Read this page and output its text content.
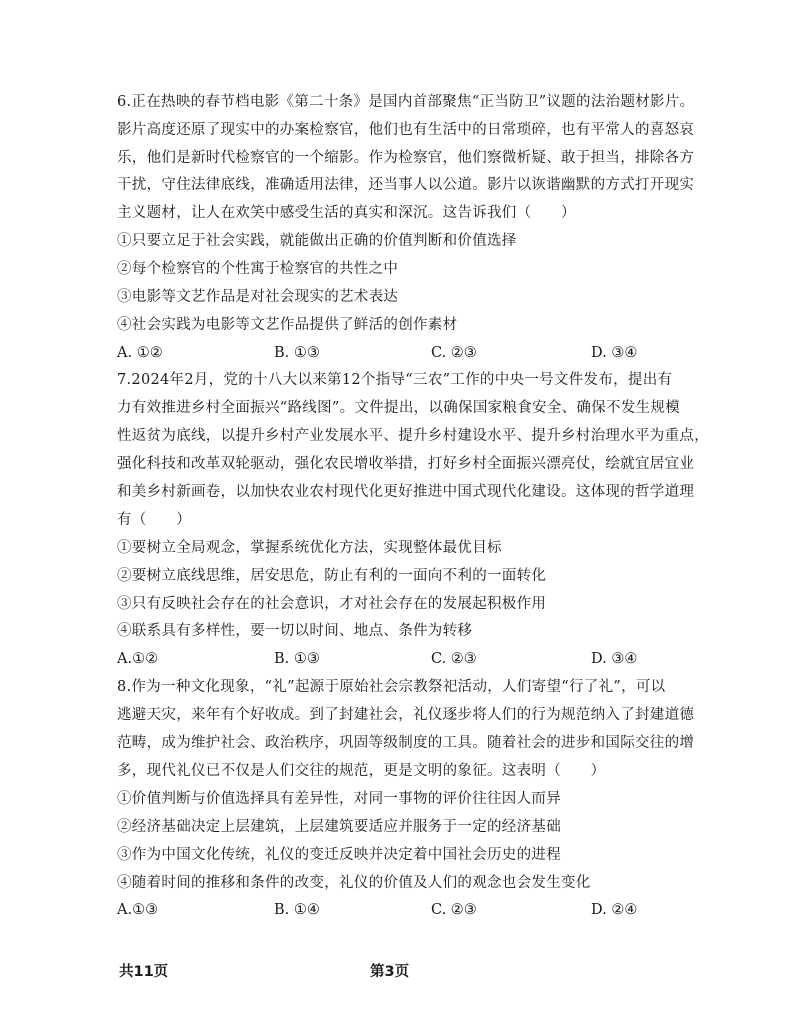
6.正在热映的春节档电影《第二十条》是国内首部聚焦“正当防卫”议题的法治题材影片。
影片高度还原了现实中的办案检察官，他们也有生活中的日常琐碎，也有平常人的喜怒哀
乐，他们是新时代检察官的一个缩影。作为检察官，他们察微析疑、敢于担当，排除各方
干扰，守住法律底线，准确适用法律，还当事人以公道。影片以诙谐幽默的方式打开现实
主义题材，让人在欢笑中感受生活的真实和深沉。这告诉我们（　　）
①只要立足于社会实践，就能做出正确的价值判断和价值选择
②每个检察官的个性寓于检察官的共性之中
③电影等文艺作品是对社会现实的艺术表达
④社会实践为电影等文艺作品提供了鲜活的创作素材
A. ①②	B. ①③	C. ②③	D. ③④
7.2024年2月，党的十八大以来第12个指导“三农”工作的中央一号文件发布，提出有
力有效推进乡村全面振兴“路线图”。文件提出，以确保国家粮食安全、确保不发生规模
性返贫为底线，以提升乡村产业发展水平、提升乡村建设水平、提升乡村治理水平为重点，
强化科技和改革双轮驱动，强化农民增收举措，打好乡村全面振兴漂亮仗，绘就宜居宜业
和美乡村新画卷，以加快农业农村现代化更好推进中国式现代化建设。这体现的哲学道理
有（　　）
①要树立全局观念，掌握系统优化方法，实现整体最优目标
②要树立底线思维，居安思危，防止有利的一面向不利的一面转化
③只有反映社会存在的社会意识，才对社会存在的发展起积极作用
④联系具有多样性，要一切以时间、地点、条件为转移
A.①②	B. ①③	C. ②③	D. ③④
8.作为一种文化现象，“礼”起源于原始社会宗教祭祀活动，人们寄望“行了礼”，可以
逃避天灾，来年有个好收成。到了封建社会，礼仪逐步将人们的行为规范纳入了封建道德
范畴，成为维护社会、政治秩序，巩固等级制度的工具。随着社会的进步和国际交往的增
多，现代礼仪已不仅是人们交往的规范，更是文明的象征。这表明（　　）
①价值判断与价值选择具有差异性，对同一事物的评价往往因人而异
②经济基础决定上层建筑，上层建筑要适应并服务于一定的经济基础
③作为中国文化传统，礼仪的变迁反映并决定着中国社会历史的进程
④随着时间的推移和条件的改变，礼仪的价值及人们的观念也会发生变化
A.①③	B. ①④	C. ②③	D. ②④
共11页	第3页
